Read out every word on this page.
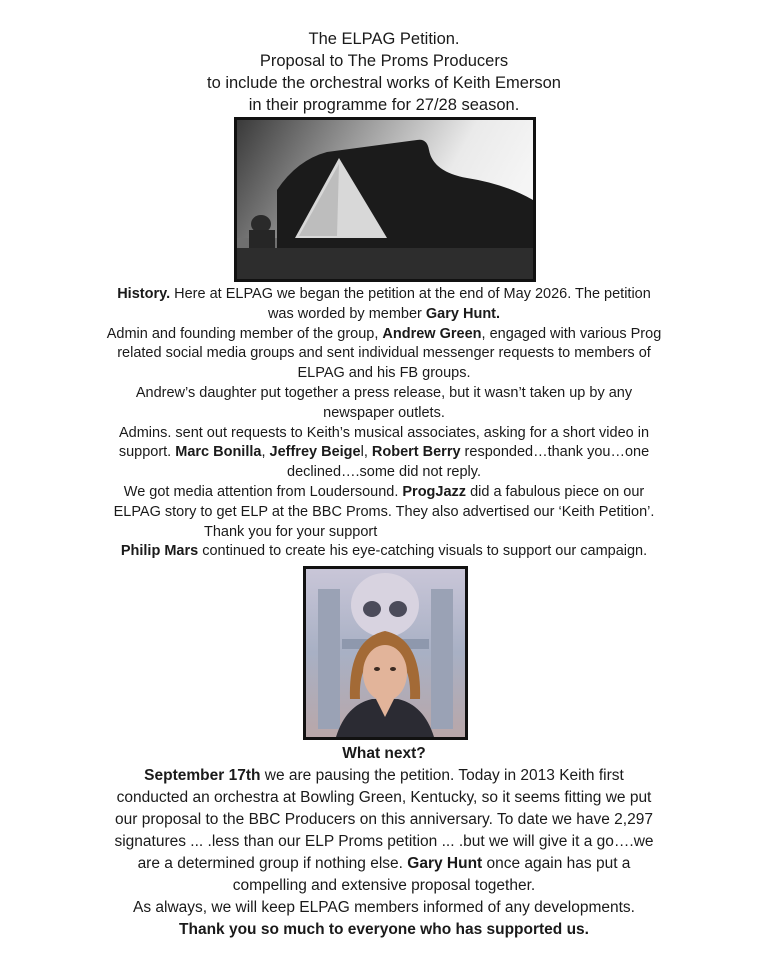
The ELPAG Petition.
Proposal to The Proms Producers
to include the orchestral works of Keith Emerson
in their programme for 27/28 season.
History. Here at ELPAG we began the petition at the end of May 2026. The petition
was worded by member Gary Hunt.
Admin and founding member of the group, Andrew Green, engaged with various Prog
related social media groups and sent individual messenger requests to members of
ELPAG and his FB groups.
Andrew’s daughter put together a press release, but it wasn’t taken up by any
newspaper outlets.
Admins. sent out requests to Keith’s musical associates, asking for a short video in
support. Marc Bonilla, Jeffrey Beigel, Robert Berry responded…thank you…one
declined….some did not reply.
We got media attention from Loudersound. ProgJazz did a fabulous piece on our
ELPAG story to get ELP at the BBC Proms. They also advertised our ‘Keith Petition’.
Thank you for your support
Philip Mars continued to create his eye-catching visuals to support our campaign.
What next?
September 17th we are pausing the petition. Today in 2013 Keith first
conducted an orchestra at Bowling Green, Kentucky, so it seems fitting we put
our proposal to the BBC Producers on this anniversary. To date we have 2,297
signatures ... .less than our ELP Proms petition ... .but we will give it a go….we
are a determined group if nothing else. Gary Hunt once again has put a
compelling and extensive proposal together.
As always, we will keep ELPAG members informed of any developments.
Thank you so much to everyone who has supported us.
